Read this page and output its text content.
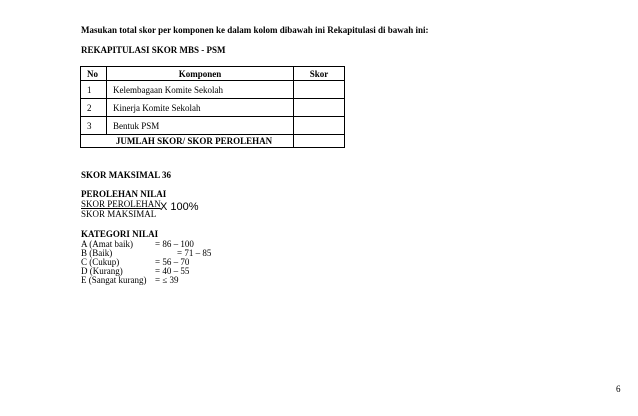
Masukan total skor per komponen ke dalam kolom dibawah ini Rekapitulasi di bawah ini:
REKAPITULASI SKOR MBS - PSM
No	Komponen	Skor
1	Kelembagaan Komite Sekolah	
2	Kinerja Komite Sekolah	
3	Bentuk PSM	
JUMLAH SKOR/ SKOR PEROLEHAN		
SKOR MAKSIMAL 36
PEROLEHAN NILAI
SKOR PEROLEHAN
SKOR MAKSIMAL
X 100%
KATEGORI NILAI
A (Amat baik) = 86 – 100
B (Baik)	= 71 – 85
C (Cukup)	= 56 – 70
D (Kurang)	= 40 – 55
E (Sangat kurang) = ≤ 39
6
